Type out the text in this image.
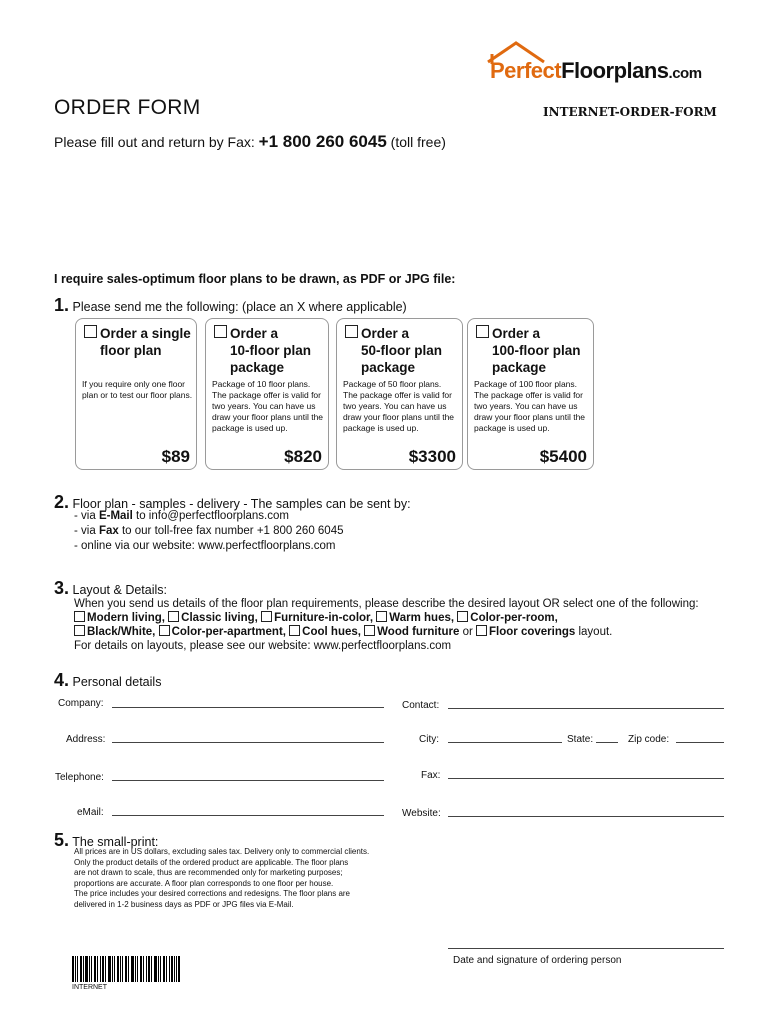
PerfectFloorplans.com
ORDER FORM	INTERNET-ORDER-FORM
Please fill out and return by Fax: +1 800 260 6045 (toll free)
I require sales-optimum floor plans to be drawn, as PDF or JPG file:
1. Please send me the following: (place an X where applicable)
Order a single
floor plan
If you require only one floor plan or to test our floor plans.
$89
Order a
10-floor plan
package
Package of 10 floor plans. The package offer is valid for two years. You can have us draw your floor plans until the package is used up.
$820
Order a
50-floor plan
package
Package of 50 floor plans. The package offer is valid for two years. You can have us draw your floor plans until the package is used up.
$3300
Order a
100-floor plan
package
Package of 100 floor plans. The package offer is valid for two years. You can have us draw your floor plans until the package is used up.
$5400
2. Floor plan - samples - delivery - The samples can be sent by:
- via E-Mail to info@perfectfloorplans.com
- via Fax to our toll-free fax number +1 800 260 6045
- online via our website: www.perfectfloorplans.com
3. Layout & Details:
When you send us details of the floor plan requirements, please describe the desired layout OR select one of the following:
Modern living, Classic living, Furniture-in-color, Warm hues, Color-per-room,
Black/White, Color-per-apartment, Cool hues, Wood furniture or Floor coverings layout.
For details on layouts, please see our website: www.perfectfloorplans.com
4. Personal details
Company:	Contact:
Address:	City:	State:	Zip code:
Telephone:	Fax:
eMail:	Website:
5. The small-print:
All prices are in US dollars, excluding sales tax. Delivery only to commercial clients.
Only the product details of the ordered product are applicable. The floor plans
are not drawn to scale, thus are recommended only for marketing purposes;
proportions are accurate. A floor plan corresponds to one floor per house.
The price includes your desired corrections and redesigns. The floor plans are
delivered in 1-2 business days as PDF or JPG files via E-Mail.
Date and signature of ordering person
INTERNET
